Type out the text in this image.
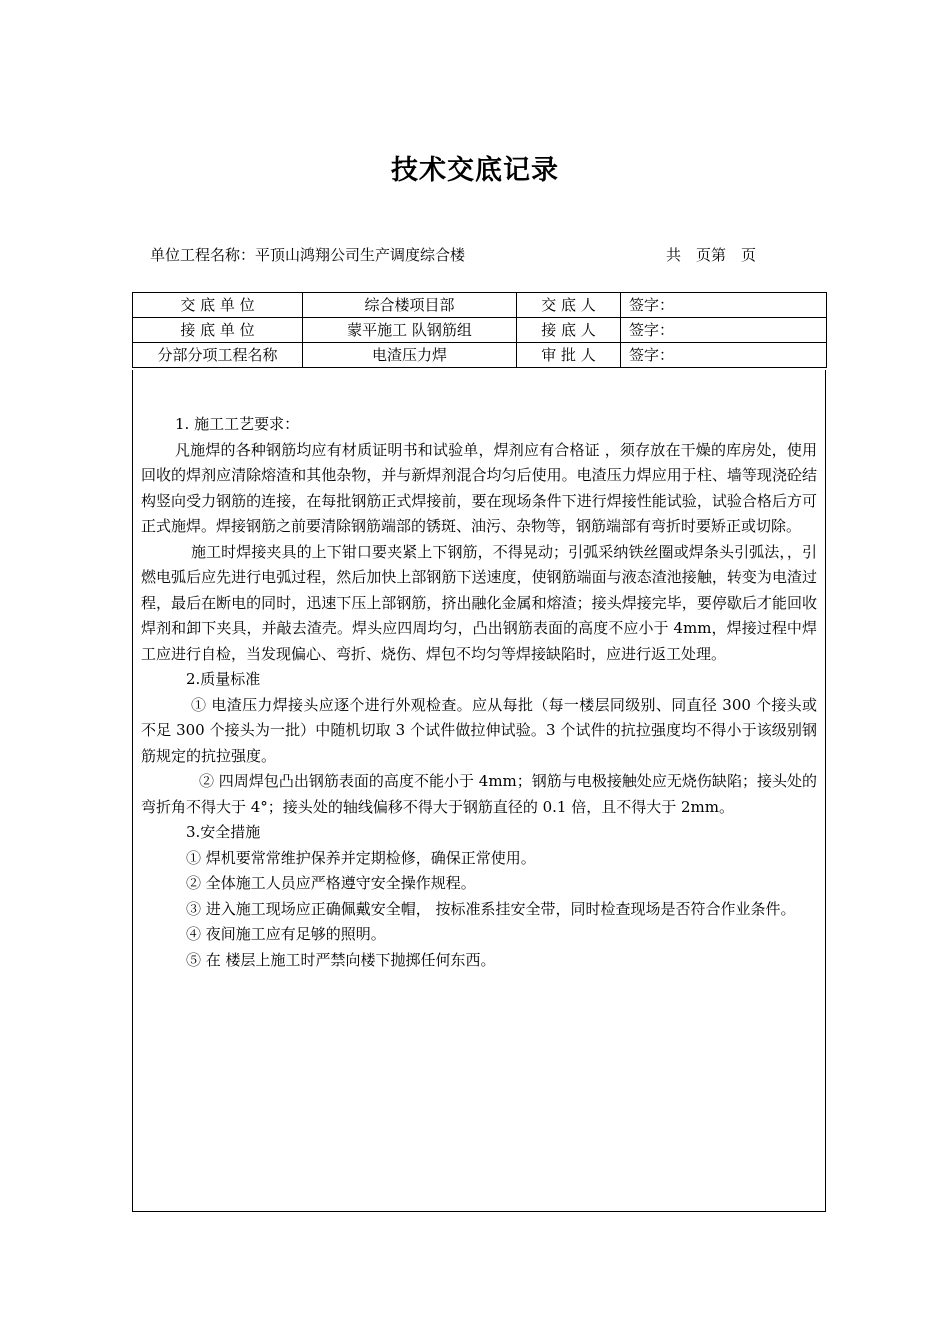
技术交底记录
单位工程名称：平顶山鸿翔公司生产调度综合楼	共　页第　页
交 底 单 位	综合楼项目部	交 底 人	签字：
接 底 单 位	蒙平施工 队钢筋组	接 底 人	签字：
分部分项工程名称	电渣压力焊	审 批 人	签字：

1. 施工工艺要求：

凡施焊的各种钢筋均应有材质证明书和试验单，焊剂应有合格证 ，须存放在干燥的库房处，使用回收的焊剂应清除熔渣和其他杂物，并与新焊剂混合均匀后使用。电渣压力焊应用于柱、墙等现浇砼结构竖向受力钢筋的连接，在每批钢筋正式焊接前，要在现场条件下进行焊接性能试验，试验合格后方可正式施焊。焊接钢筋之前要清除钢筋端部的锈斑、油污、杂物等，钢筋端部有弯折时要矫正或切除。

施工时焊接夹具的上下钳口要夹紧上下钢筋，不得晃动；引弧采纳铁丝圈或焊条头引弧法，，引燃电弧后应先进行电弧过程，然后加快上部钢筋下送速度，使钢筋端面与液态渣池接触，转变为电渣过程，最后在断电的同时，迅速下压上部钢筋，挤出融化金属和熔渣；接头焊接完毕，要停歇后才能回收焊剂和卸下夹具，并敲去渣壳。焊头应四周均匀，凸出钢筋表面的高度不应小于 4mm，焊接过程中焊工应进行自检，当发现偏心、弯折、烧伤、焊包不均匀等焊接缺陷时，应进行返工处理。

2.质量标准

① 电渣压力焊接头应逐个进行外观检查。应从每批（每一楼层同级别、同直径 300 个接头或不足 300 个接头为一批）中随机切取 3 个试件做拉伸试验。3 个试件的抗拉强度均不得小于该级别钢筋规定的抗拉强度。

② 四周焊包凸出钢筋表面的高度不能小于 4mm；钢筋与电极接触处应无烧伤缺陷；接头处的弯折角不得大于 4°；接头处的轴线偏移不得大于钢筋直径的 0.1 倍，且不得大于 2mm。

3.安全措施

① 焊机要常常维护保养并定期检修，确保正常使用。

② 全体施工人员应严格遵守安全操作规程。

③ 进入施工现场应正确佩戴安全帽， 按标准系挂安全带，同时检查现场是否符合作业条件。

④ 夜间施工应有足够的照明。

⑤ 在 楼层上施工时严禁向楼下抛掷任何东西。
